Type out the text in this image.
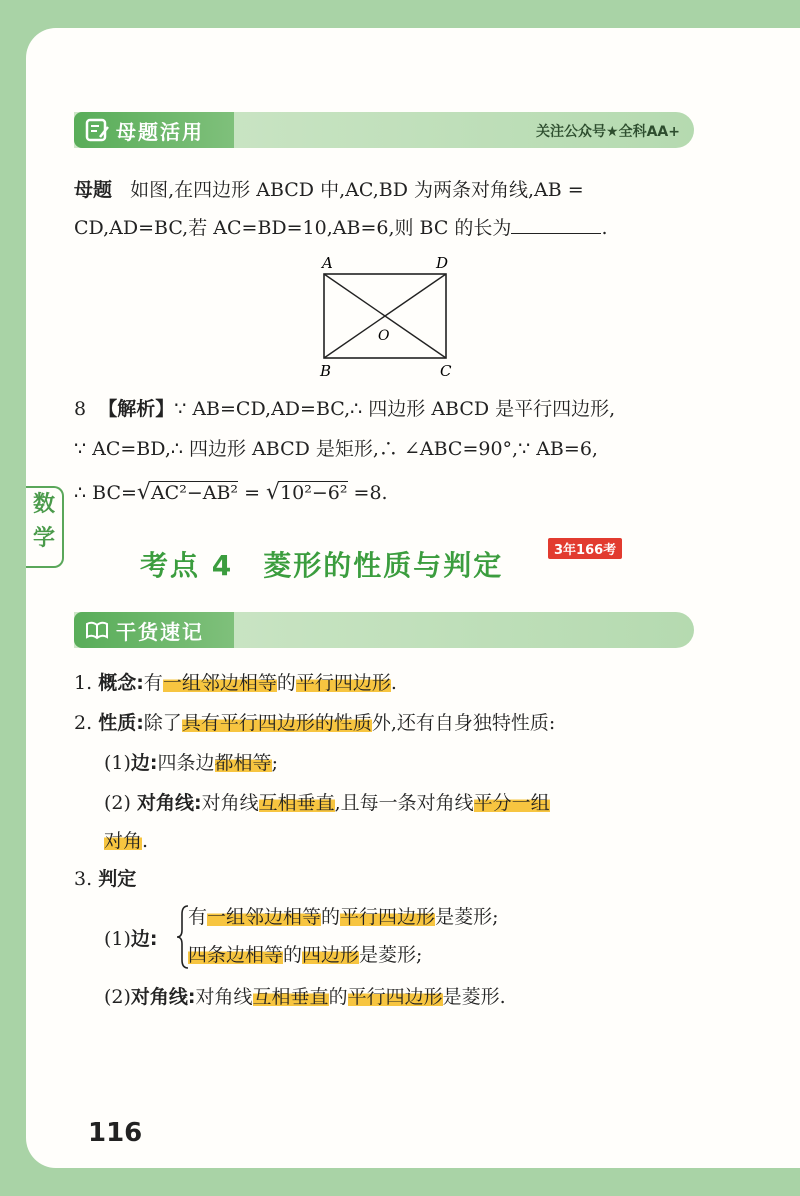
数
学
母题活用	关注公众号★全科AA+
母题 如图,在四边形 ABCD 中,AC,BD 为两条对角线,AB =
CD,AD=BC,若 AC=BD=10,AB=6,则 BC 的长为	.
A	D
B	C
O
8 【解析】∵ AB=CD,AD=BC,∴ 四边形 ABCD 是平行四边形,
∵ AC=BD,∴ 四边形 ABCD 是矩形,∴ ∠ABC=90°,∵ AB=6,
∴ BC=√AC²−AB² = √10²−6² =8.
考点 4　菱形的性质与判定	3年166考
干货速记
1. 概念:有一组邻边相等的平行四边形.
2. 性质:除了具有平行四边形的性质外,还有自身独特性质:
(1)边:四条边都相等;
(2) 对角线:对角线互相垂直,且每一条对角线平分一组
对角.
3. 判定
(1)边:
有一组邻边相等的平行四边形是菱形;
四条边相等的四边形是菱形;
(2)对角线:对角线互相垂直的平行四边形是菱形.
116
